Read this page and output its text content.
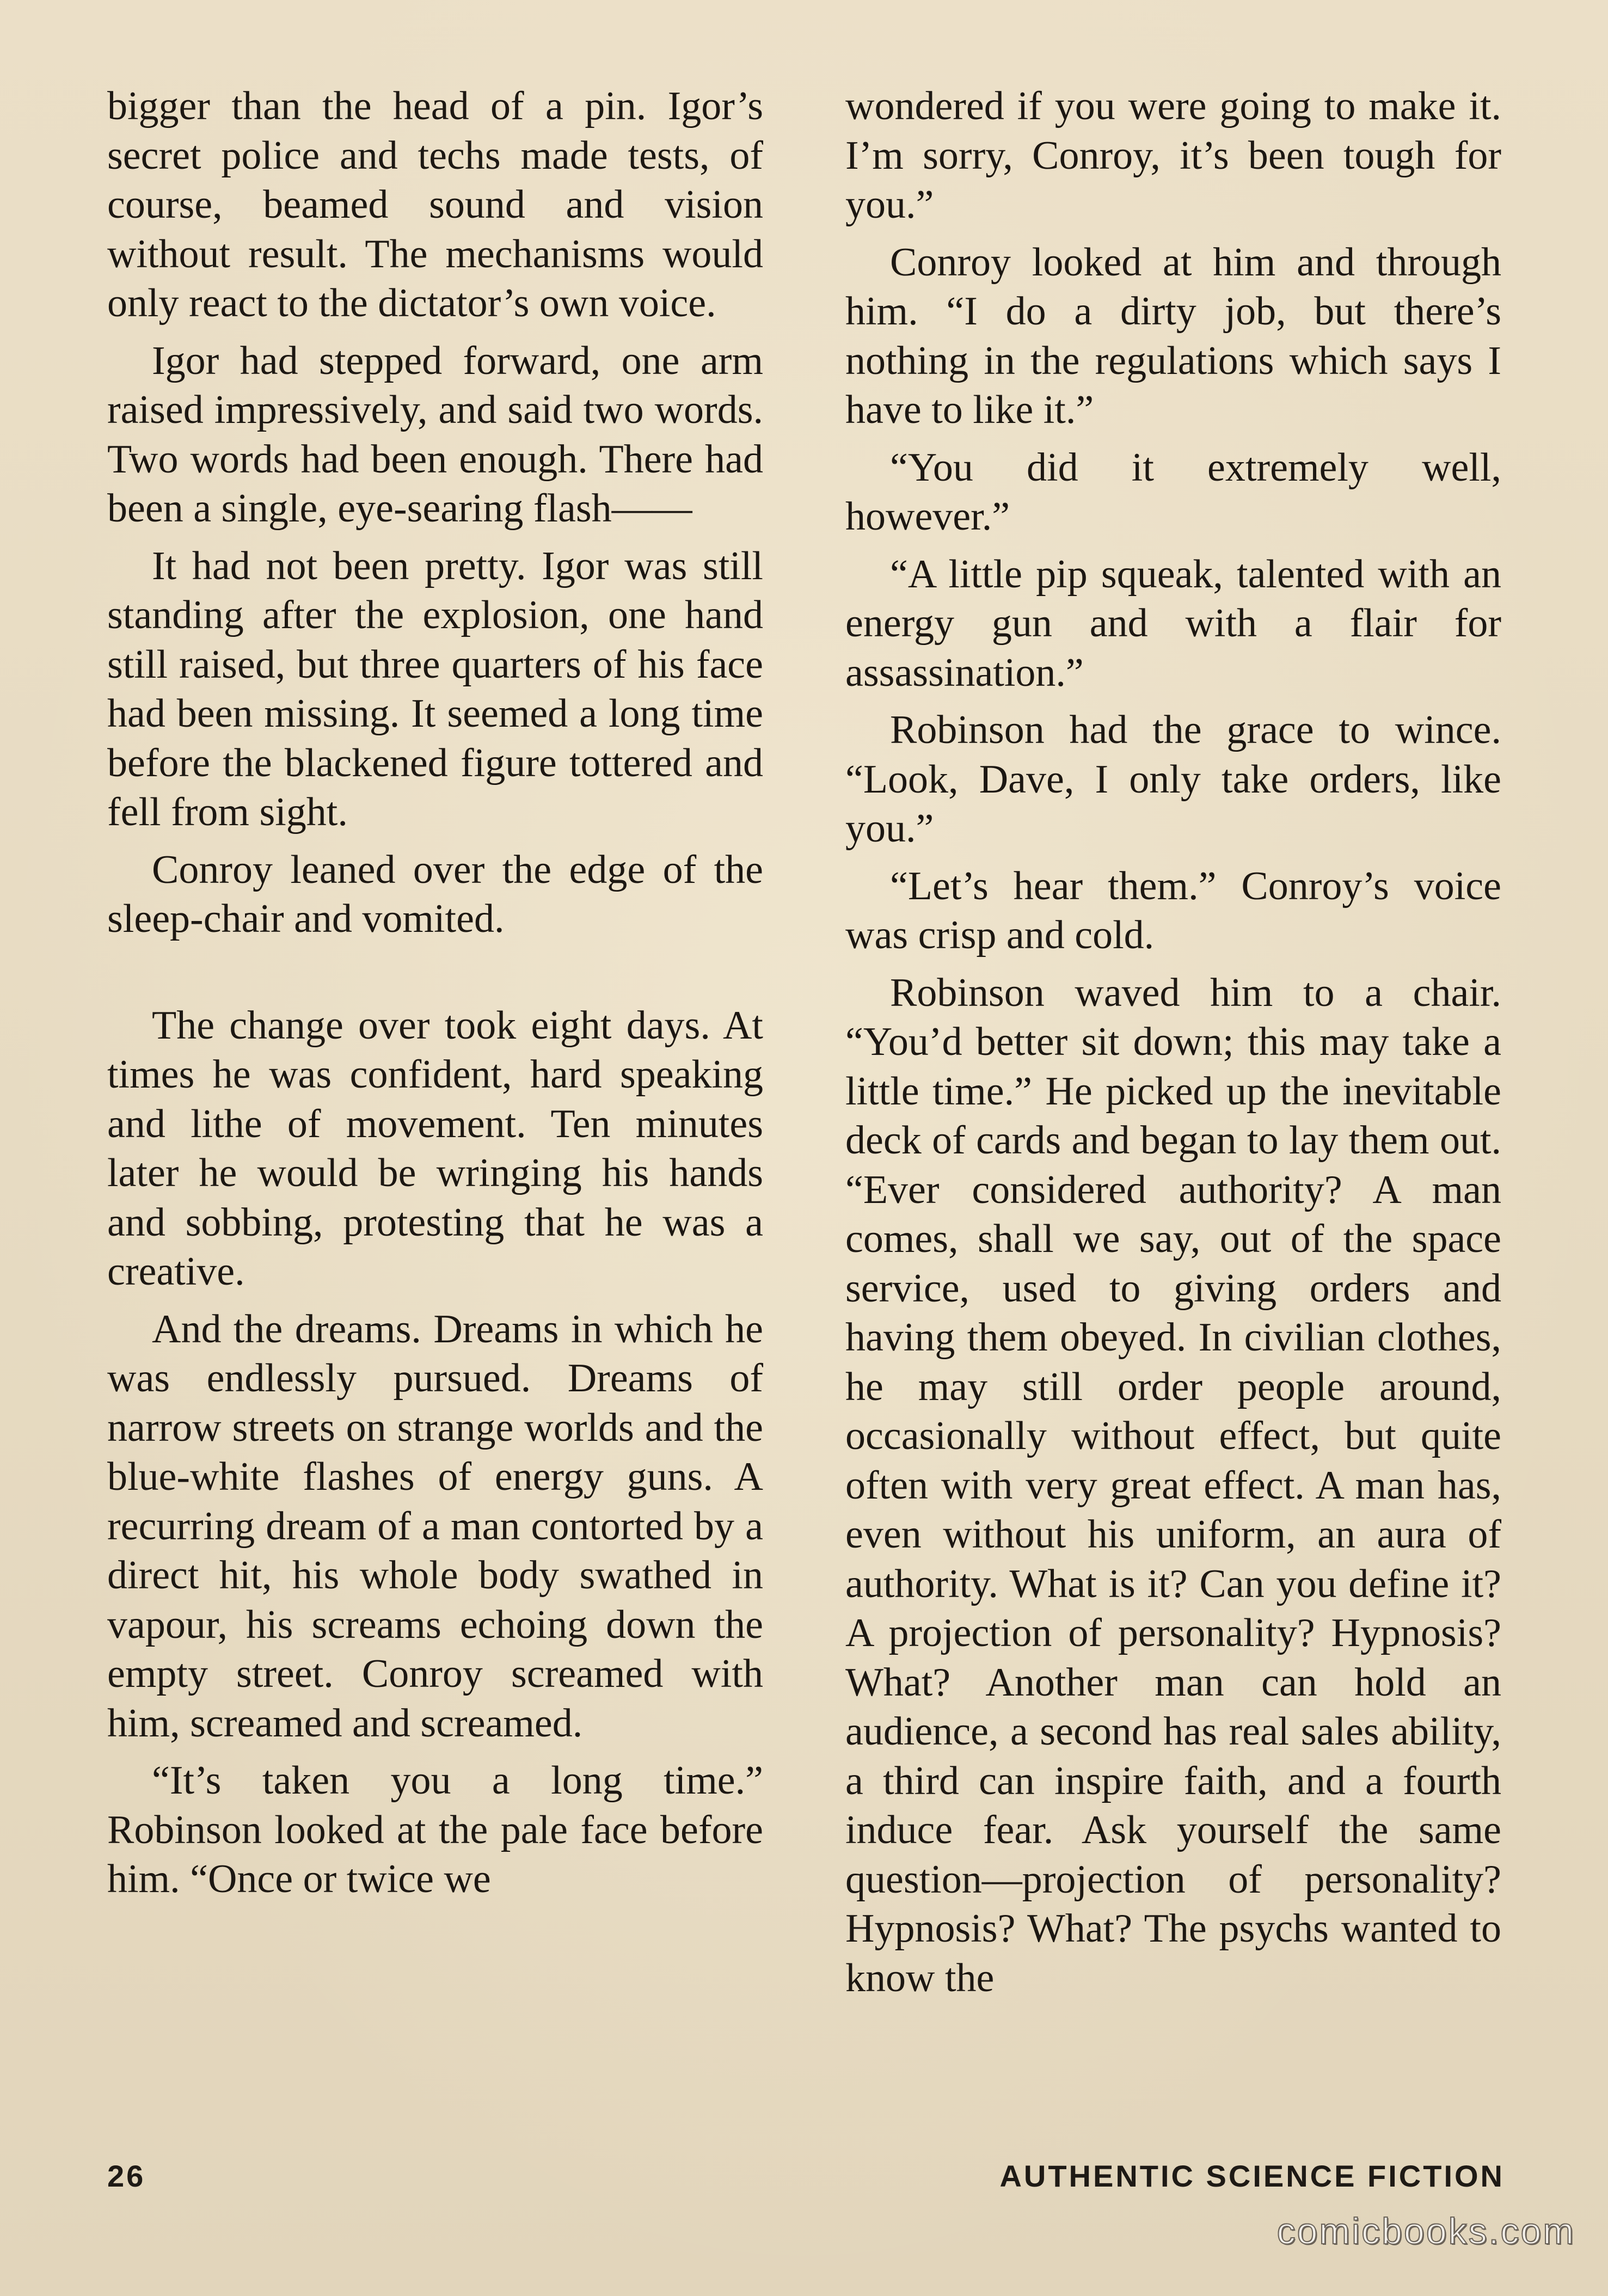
bigger than the head of a pin. Igor’s secret police and techs made tests, of course, beamed sound and vision without result. The mechanisms would only react to the dictator’s own voice.

Igor had stepped forward, one arm raised impressively, and said two words. Two words had been enough. There had been a single, eye-searing flash——

It had not been pretty. Igor was still standing after the explosion, one hand still raised, but three quarters of his face had been missing. It seemed a long time before the blackened figure tottered and fell from sight.

Conroy leaned over the edge of the sleep-chair and vomited.

The change over took eight days. At times he was confident, hard speaking and lithe of movement. Ten minutes later he would be wringing his hands and sobbing, protesting that he was a creative.

And the dreams. Dreams in which he was endlessly pursued. Dreams of narrow streets on strange worlds and the blue-white flashes of energy guns. A recurring dream of a man contorted by a direct hit, his whole body swathed in vapour, his screams echoing down the empty street. Conroy screamed with him, screamed and screamed.

“It’s taken you a long time.” Robinson looked at the pale face before him. “Once or twice we

wondered if you were going to make it. I’m sorry, Conroy, it’s been tough for you.”

Conroy looked at him and through him. “I do a dirty job, but there’s nothing in the regulations which says I have to like it.”

“You did it extremely well, however.”

“A little pip squeak, talented with an energy gun and with a flair for assassination.”

Robinson had the grace to wince. “Look, Dave, I only take orders, like you.”

“Let’s hear them.” Conroy’s voice was crisp and cold.

Robinson waved him to a chair. “You’d better sit down; this may take a little time.” He picked up the inevitable deck of cards and began to lay them out. “Ever considered authority? A man comes, shall we say, out of the space service, used to giving orders and having them obeyed. In civilian clothes, he may still order people around, occasionally without effect, but quite often with very great effect. A man has, even without his uniform, an aura of authority. What is it? Can you define it? A projection of personality? Hypnosis? What? Another man can hold an audience, a second has real sales ability, a third can inspire faith, and a fourth induce fear. Ask yourself the same question—projection of personality? Hypnosis? What? The psychs wanted to know the

26	AUTHENTIC SCIENCE FICTION
comicbooks.com
